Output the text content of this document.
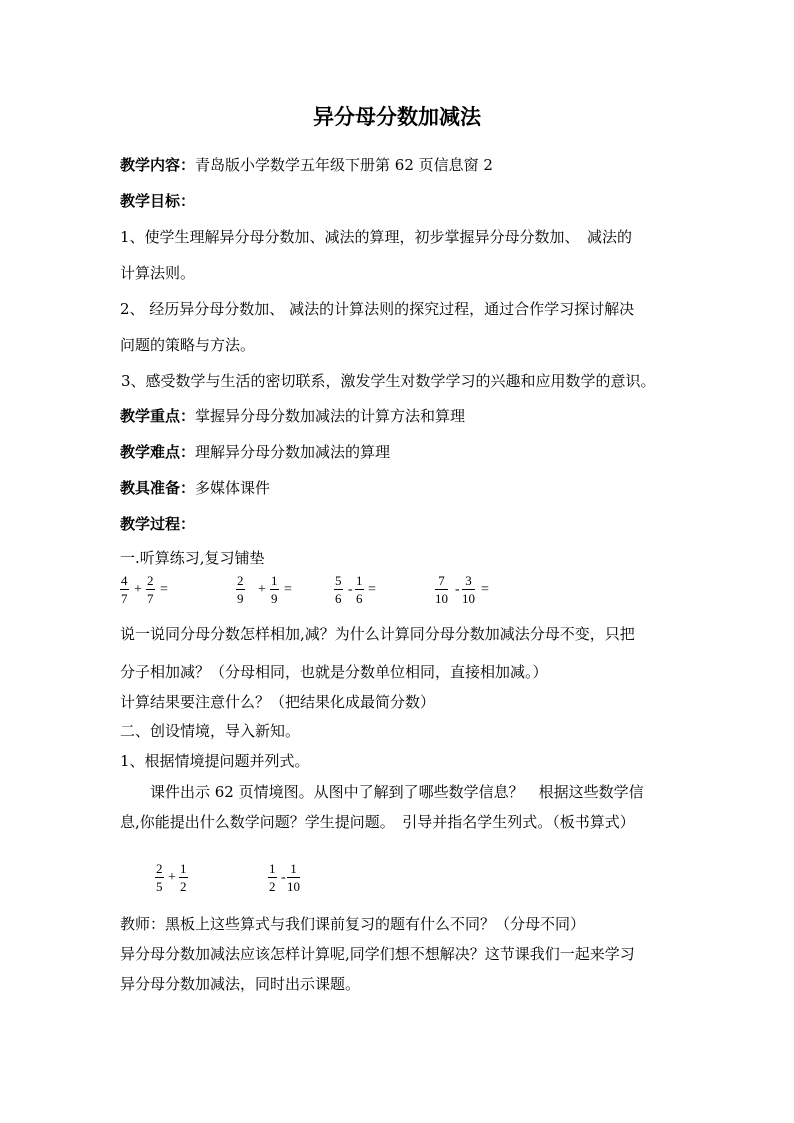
异分母分数加减法
教学内容：青岛版小学数学五年级下册第 62 页信息窗 2
教学目标：
1、使学生理解异分母分数加、减法的算理，初步掌握异分母分数加、　减法的
计算法则。
2、 经历异分母分数加、 减法的计算法则的探究过程，通过合作学习探讨解决
问题的策略与方法。
3、感受数学与生活的密切联系，激发学生对数学学习的兴趣和应用数学的意识。
教学重点：掌握异分母分数加减法的计算方法和算理
教学难点：理解异分母分数加减法的算理
教具准备：多媒体课件
教学过程：
一.听算练习,复习铺垫
4
7
+
2
7
=
2
9
+
1
9
=
5
6
-
1
6
=
7
10
-
3
10
=
说一说同分母分数怎样相加,减？为什么计算同分母分数加减法分母不变，只把
分子相加减？（分母相同，也就是分数单位相同，直接相加减。）
计算结果要注意什么？（把结果化成最简分数）
二、创设情境，导入新知。
1、根据情境提问题并列式。
课件出示 62 页情境图。从图中了解到了哪些数学信息？　根据这些数学信
息,你能提出什么数学问题？学生提问题。　引导并指名学生列式。（板书算式）
2
5
+
1
2
1
2
-
1
10
教师：黑板上这些算式与我们课前复习的题有什么不同？（分母不同）
异分母分数加减法应该怎样计算呢,同学们想不想解决？这节课我们一起来学习
异分母分数加减法，同时出示课题。
